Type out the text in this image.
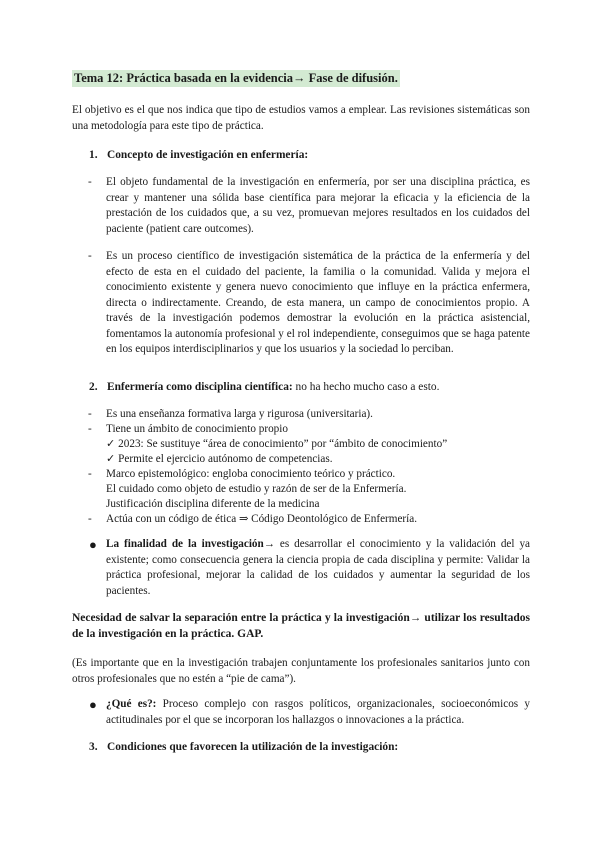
Tema 12: Práctica basada en la evidencia→ Fase de difusión.
El objetivo es el que nos indica que tipo de estudios vamos a emplear. Las revisiones sistemáticas son una metodología para este tipo de práctica.
1. Concepto de investigación en enfermería:
- El objeto fundamental de la investigación en enfermería, por ser una disciplina práctica, es crear y mantener una sólida base científica para mejorar la eficacia y la eficiencia de la prestación de los cuidados que, a su vez, promuevan mejores resultados en los cuidados del paciente (patient care outcomes).
- Es un proceso científico de investigación sistemática de la práctica de la enfermería y del efecto de esta en el cuidado del paciente, la familia o la comunidad. Valida y mejora el conocimiento existente y genera nuevo conocimiento que influye en la práctica enfermera, directa o indirectamente. Creando, de esta manera, un campo de conocimientos propio. A través de la investigación podemos demostrar la evolución en la práctica asistencial, fomentamos la autonomía profesional y el rol independiente, conseguimos que se haga patente en los equipos interdisciplinarios y que los usuarios y la sociedad lo perciban.
2. Enfermería como disciplina científica: no ha hecho mucho caso a esto.
- Es una enseñanza formativa larga y rigurosa (universitaria).
- Tiene un ámbito de conocimiento propio
✓ 2023: Se sustituye “área de conocimiento” por “ámbito de conocimiento”
✓ Permite el ejercicio autónomo de competencias.
- Marco epistemológico: engloba conocimiento teórico y práctico.
El cuidado como objeto de estudio y razón de ser de la Enfermería.
Justificación disciplina diferente de la medicina
- Actúa con un código de ética ⇒ Código Deontológico de Enfermería.
● La finalidad de la investigación→ es desarrollar el conocimiento y la validación del ya existente; como consecuencia genera la ciencia propia de cada disciplina y permite: Validar la práctica profesional, mejorar la calidad de los cuidados y aumentar la seguridad de los pacientes.
Necesidad de salvar la separación entre la práctica y la investigación→ utilizar los resultados de la investigación en la práctica. GAP.
(Es importante que en la investigación trabajen conjuntamente los profesionales sanitarios junto con otros profesionales que no estén a “pie de cama”).
● ¿Qué es?: Proceso complejo con rasgos políticos, organizacionales, socioeconómicos y actitudinales por el que se incorporan los hallazgos o innovaciones a la práctica.
3. Condiciones que favorecen la utilización de la investigación:
